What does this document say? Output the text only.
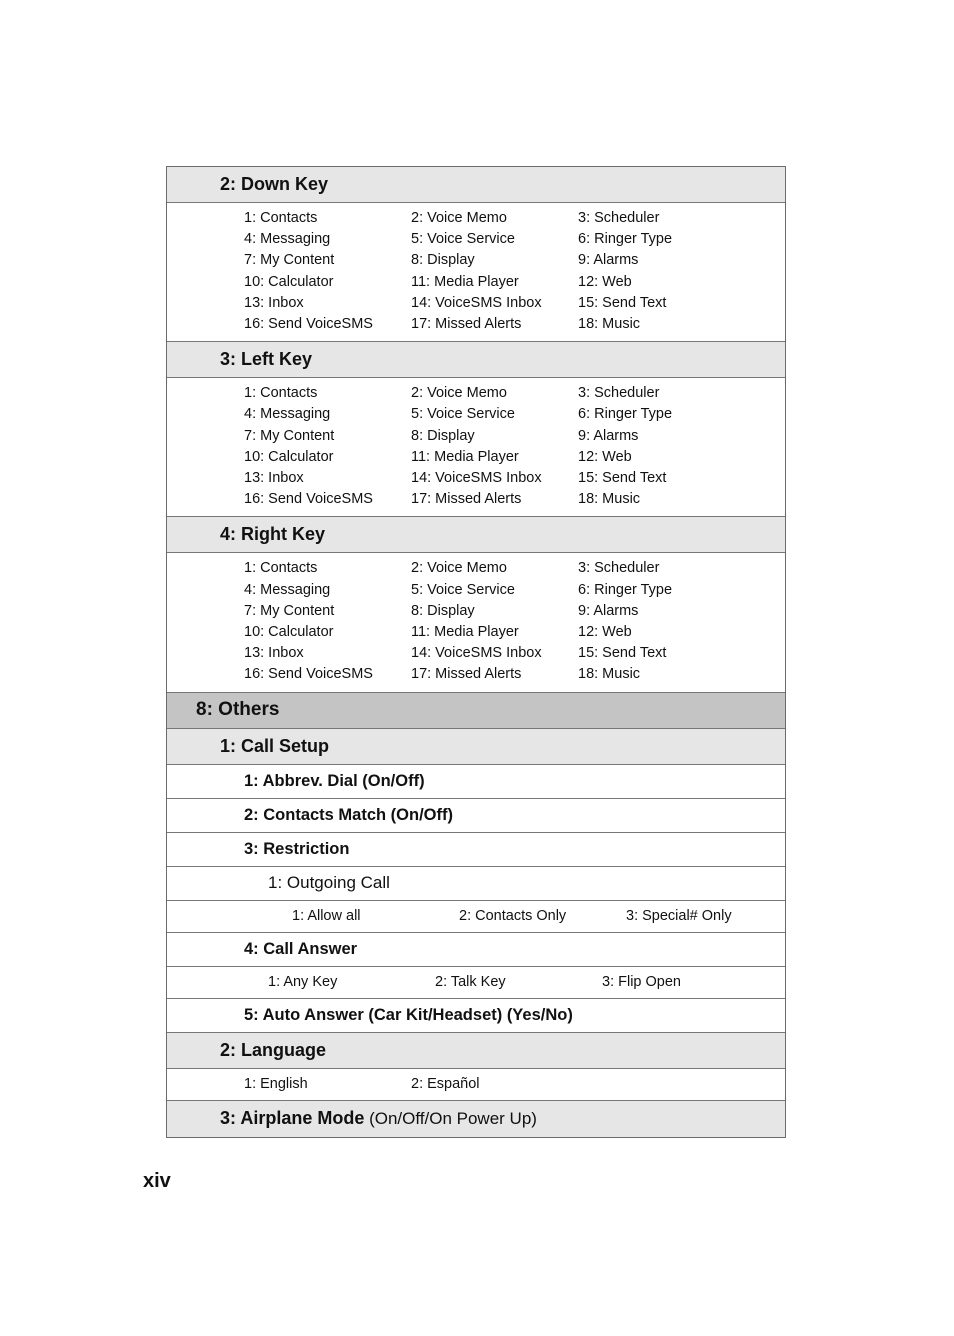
2: Down Key
1: Contacts	2: Voice Memo	3: Scheduler
4: Messaging	5: Voice Service	6: Ringer Type
7: My Content	8: Display	9: Alarms
10: Calculator	11: Media Player	12: Web
13: Inbox	14: VoiceSMS Inbox	15: Send Text
16: Send VoiceSMS	17: Missed Alerts	18: Music
3: Left Key
1: Contacts	2: Voice Memo	3: Scheduler
4: Messaging	5: Voice Service	6: Ringer Type
7: My Content	8: Display	9: Alarms
10: Calculator	11: Media Player	12: Web
13: Inbox	14: VoiceSMS Inbox	15: Send Text
16: Send VoiceSMS	17: Missed Alerts	18: Music
4: Right Key
1: Contacts	2: Voice Memo	3: Scheduler
4: Messaging	5: Voice Service	6: Ringer Type
7: My Content	8: Display	9: Alarms
10: Calculator	11: Media Player	12: Web
13: Inbox	14: VoiceSMS Inbox	15: Send Text
16: Send VoiceSMS	17: Missed Alerts	18: Music
8: Others
1: Call Setup
1: Abbrev. Dial (On/Off)
2: Contacts Match (On/Off)
3: Restriction
1: Outgoing Call
1: Allow all	2: Contacts Only	3: Special# Only
4: Call Answer
1: Any Key	2: Talk Key	3: Flip Open
5: Auto Answer (Car Kit/Headset) (Yes/No)
2: Language
1: English	2: Español
3: Airplane Mode (On/Off/On Power Up)
xiv
